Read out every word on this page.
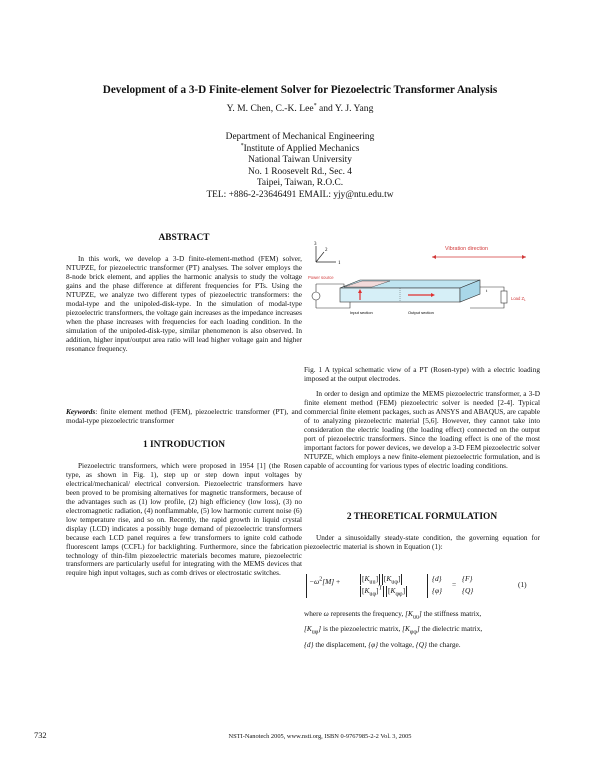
Development of a 3-D Finite-element Solver for Piezoelectric Transformer Analysis
Y. M. Chen, C.-K. Lee* and Y. J. Yang
Department of Mechanical Engineering
*Institute of Applied Mechanics
National Taiwan University
No. 1 Roosevelt Rd., Sec. 4
Taipei, Taiwan, R.O.C.
TEL: +886-2-23646491 EMAIL: yjy@ntu.edu.tw
ABSTRACT

In this work, we develop a 3-D finite-element-method (FEM) solver, NTUPZE, for piezoelectric transformer (PT) analyses. The solver employs the 8-node brick element, and applies the harmonic analysis to study the voltage gains and the phase difference at different frequencies for PTs. Using the NTUPZE, we analyze two different types of piezoelectric transformers: the modal-type and the unipoled-disk-type. In the simulation of modal-type piezoelectric transformers, the voltage gain increases as the impedance increases when the phase increases with frequencies for each loading condition. In the simulation of the unipoled-disk-type, similar phenomenon is also observed. In addition, higher input/output area ratio will lead higher voltage gain and higher resonance frequency.

Keywords: finite element method (FEM), piezoelectric transformer (PT), and modal-type piezoelectric transformer
1 INTRODUCTION

Piezoelectric transformers, which were proposed in 1954 [1] (the Rosen type, as shown in Fig. 1), step up or step down input voltages by electrical/mechanical/ electrical conversion. Piezoelectric transformers have been proved to be promising alternatives for magnetic transformers, because of the advantages such as (1) low profile, (2) high efficiency (low loss), (3) no electromagnetic radiation, (4) nonflammable, (5) low harmonic current noise (6) low temperature rise, and so on. Recently, the rapid growth in liquid crystal display (LCD) indicates a possibly huge demand of piezoelectric transformers because each LCD panel requires a few transformers to ignite cold cathode fluorescent lamps (CCFL) for backlighting. Furthermore, since the fabrication technology of thin-film piezoelectric materials becomes mature, piezoelectric transformers are particularly useful for integrating with the MEMS devices that require high input voltages, such as comb drives or electrostatic switches.

3
2
1
Vibration direction
Power source
Load $Z_L$
t
Input section	Output section
Fig. 1 A typical schematic view of a PT (Rosen-type) with a electric loading imposed at the output electrodes.

In order to design and optimize the MEMS piezoelectric transformer, a 3-D finite element method (FEM) piezoelectric solver is needed [2-4]. Typical commercial finite element packages, such as ANSYS and ABAQUS, are capable of to analyzing piezoelectric material [5,6]. However, they cannot take into consideration the electric loading (the loading effect) connected on the output port of piezoelectric transformers. Since the loading effect is one of the most important factors for power devices, we develop a 3-D FEM piezoelectric solver NTUPZE, which employs a new finite-element piezoelectric formulation, and is capable of accounting for various types of electric loading conditions.

2 THEORETICAL FORMULATION

Under a sinusoidally steady-state condition, the governing equation for piezoelectric material is shown in Equation (1):

$-\omega^2[M]$ +	$[K_{uu}]$ $[K_{u\varphi}]$
$[K_{u\varphi}]^T$ $[K_{\varphi\varphi}]$
{d}
{φ}
=
{F}
{Q}
(1)
where ω represents the frequency, $[K_{uu}]$ the stiffness matrix,
$[K_{u\varphi}]$ is the piezoelectric matrix, $[K_{\varphi\varphi}]$ the dielectric matrix,
{d} the displacement, {φ} the voltage, {Q} the charge.
732	NSTI-Nanotech 2005, www.nsti.org, ISBN 0-9767985-2-2 Vol. 3, 2005
